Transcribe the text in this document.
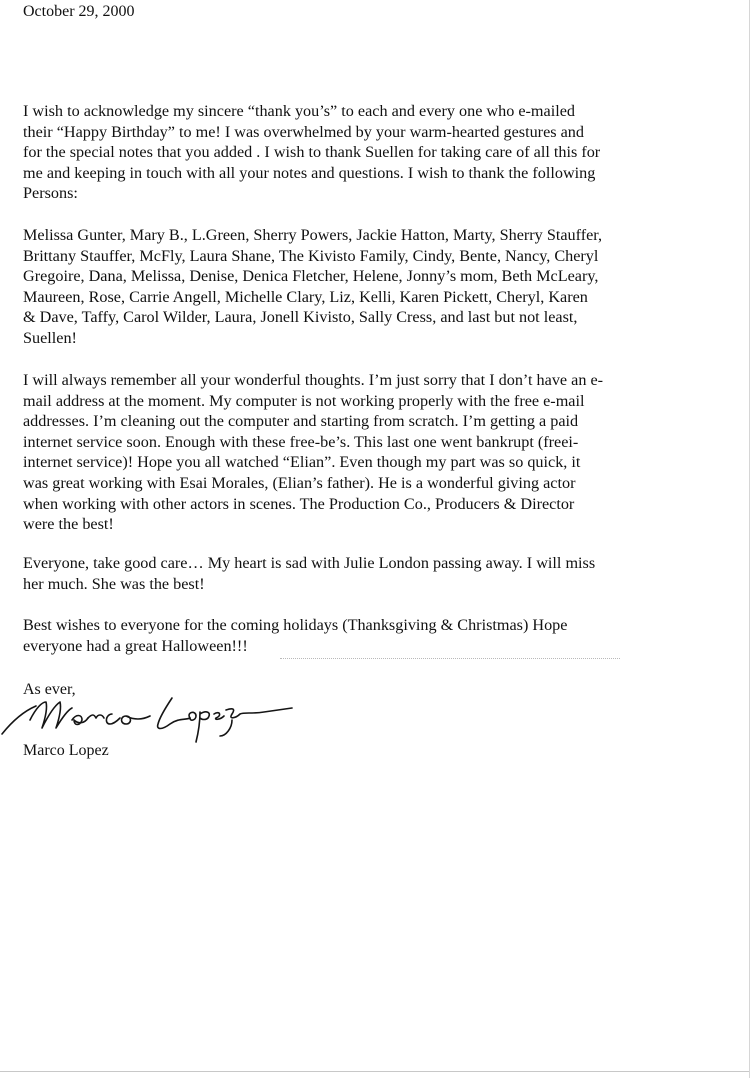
October 29, 2000

I wish to acknowledge my sincere “thank you’s” to each and every one who e-mailed
their “Happy Birthday” to me! I was overwhelmed by your warm-hearted gestures and
for the special notes that you added . I wish to thank Suellen for taking care of all this for
me and keeping in touch with all your notes and questions. I wish to thank the following
Persons:

Melissa Gunter, Mary B., L.Green, Sherry Powers, Jackie Hatton, Marty, Sherry Stauffer,
Brittany Stauffer, McFly, Laura Shane, The Kivisto Family, Cindy, Bente, Nancy, Cheryl
Gregoire, Dana, Melissa, Denise, Denica Fletcher, Helene, Jonny’s mom, Beth McLeary,
Maureen, Rose, Carrie Angell, Michelle Clary, Liz, Kelli, Karen Pickett, Cheryl, Karen
& Dave, Taffy, Carol Wilder, Laura, Jonell Kivisto, Sally Cress, and last but not least,
Suellen!

I will always remember all your wonderful thoughts. I’m just sorry that I don’t have an e-
mail address at the moment. My computer is not working properly with the free e-mail
addresses. I’m cleaning out the computer and starting from scratch. I’m getting a paid
internet service soon. Enough with these free-be’s. This last one went bankrupt (freei-
internet service)! Hope you all watched “Elian”. Even though my part was so quick, it
was great working with Esai Morales, (Elian’s father). He is a wonderful giving actor
when working with other actors in scenes. The Production Co., Producers & Director
were the best!

Everyone, take good care… My heart is sad with Julie London passing away. I will miss
her much. She was the best!

Best wishes to everyone for the coming holidays (Thanksgiving & Christmas) Hope
everyone had a great Halloween!!!

As ever,

Marco Lopez
